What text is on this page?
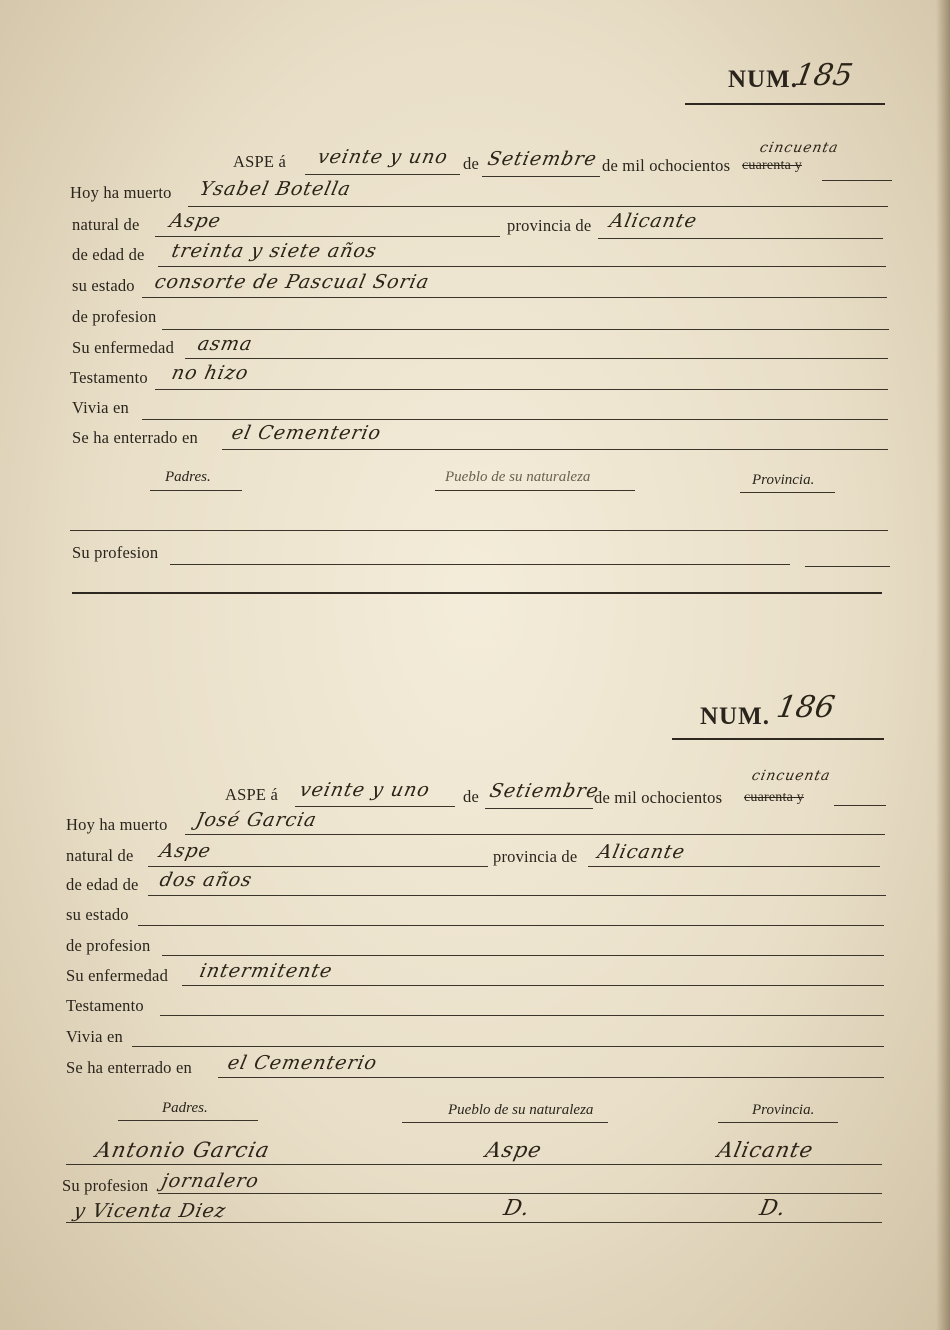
NUM.
185
ASPE á veinte y uno de Setiembre de mil ochocientos cuarenta y
cincuenta
Hoy ha muerto Ysabel Botella
natural de Aspe	provincia de Alicante
de edad de treinta y siete años
su estado consorte de Pascual Soria
de profesion
Su enfermedad asma
Testamento no hizo
Vivia en
Se ha enterrado en el Cementerio
Padres.	Pueblo de su naturaleza	Provincia.
Su profesion
NUM. 186
ASPE á veinte y uno de Setiembre
de mil ochocientos cuarenta y
cincuenta
Hoy ha muerto José Garcia
natural de Aspe	provincia de Alicante
de edad de dos años
su estado
de profesion
Su enfermedad intermitente
Testamento
Vivia en
Se ha enterrado en el Cementerio
Padres.	Pueblo de su naturaleza	Provincia.
Antonio Garcia	Aspe	Alicante
Su profesion jornalero
y Vicenta Diez	D.	D.
